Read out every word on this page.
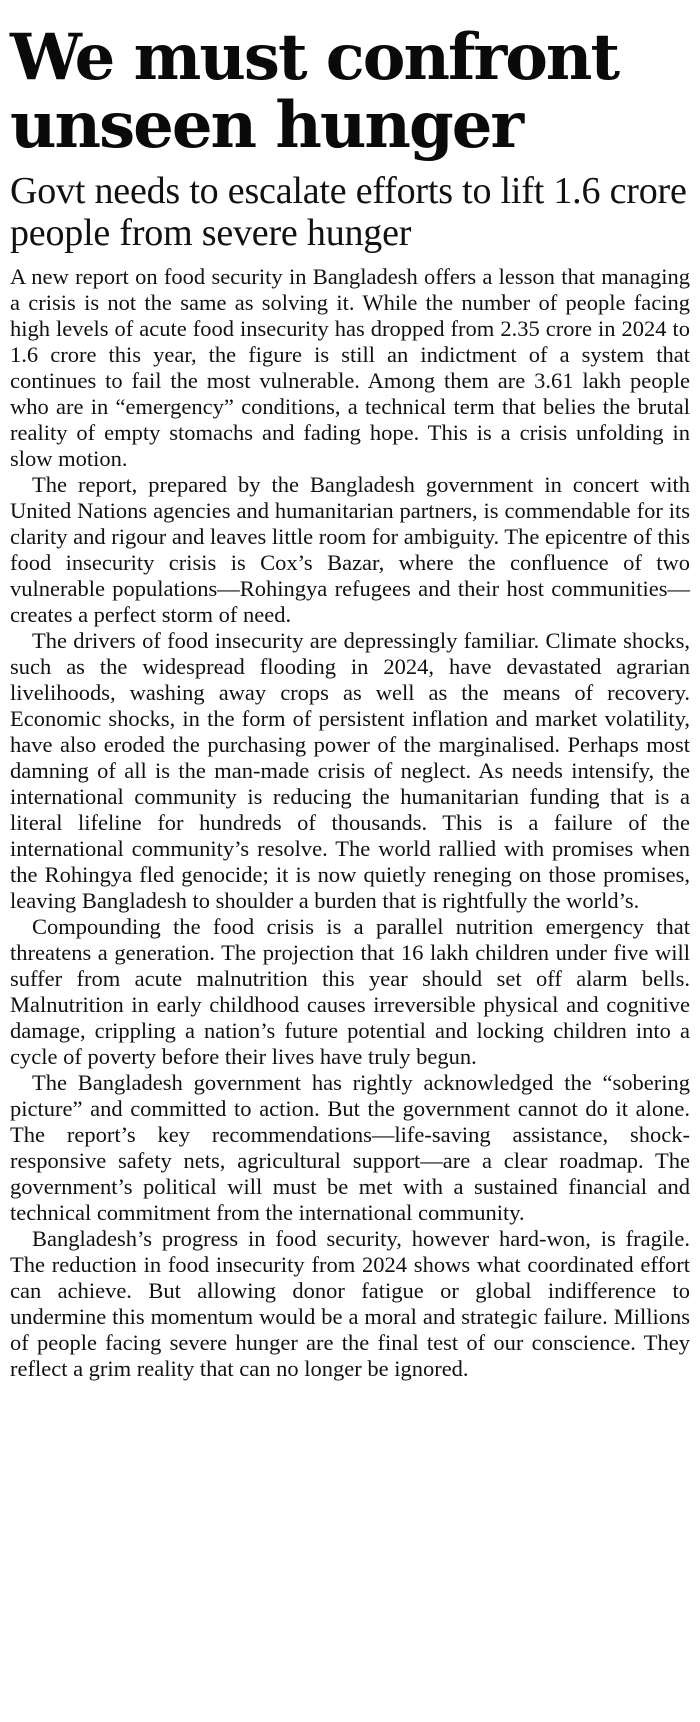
We must confront unseen hunger
Govt needs to escalate efforts to lift 1.6 crore people from severe hunger

A new report on food security in Bangladesh offers a lesson that managing a crisis is not the same as solving it. While the number of people facing high levels of acute food insecurity has dropped from 2.35 crore in 2024 to 1.6 crore this year, the figure is still an indictment of a system that continues to fail the most vulnerable. Among them are 3.61 lakh people who are in “emergency” conditions, a technical term that belies the brutal reality of empty stomachs and fading hope. This is a crisis unfolding in slow motion.

The report, prepared by the Bangladesh government in concert with United Nations agencies and humanitarian partners, is commendable for its clarity and rigour and leaves little room for ambiguity. The epicentre of this food insecurity crisis is Cox’s Bazar, where the confluence of two vulnerable populations—Rohingya refugees and their host communities—creates a perfect storm of need.

The drivers of food insecurity are depressingly familiar. Climate shocks, such as the widespread flooding in 2024, have devastated agrarian livelihoods, washing away crops as well as the means of recovery. Economic shocks, in the form of persistent inflation and market volatility, have also eroded the purchasing power of the marginalised. Perhaps most damning of all is the man-made crisis of neglect. As needs intensify, the international community is reducing the humanitarian funding that is a literal lifeline for hundreds of thousands. This is a failure of the international community’s resolve. The world rallied with promises when the Rohingya fled genocide; it is now quietly reneging on those promises, leaving Bangladesh to shoulder a burden that is rightfully the world’s.

Compounding the food crisis is a parallel nutrition emergency that threatens a generation. The projection that 16 lakh children under five will suffer from acute malnutrition this year should set off alarm bells. Malnutrition in early childhood causes irreversible physical and cognitive damage, crippling a nation’s future potential and locking children into a cycle of poverty before their lives have truly begun.

The Bangladesh government has rightly acknowledged the “sobering picture” and committed to action. But the government cannot do it alone. The report’s key recommendations—life-saving assistance, shock-responsive safety nets, agricultural support—are a clear roadmap. The government’s political will must be met with a sustained financial and technical commitment from the international community.

Bangladesh’s progress in food security, however hard-won, is fragile. The reduction in food insecurity from 2024 shows what coordinated effort can achieve. But allowing donor fatigue or global indifference to undermine this momentum would be a moral and strategic failure. Millions of people facing severe hunger are the final test of our conscience. They reflect a grim reality that can no longer be ignored.
